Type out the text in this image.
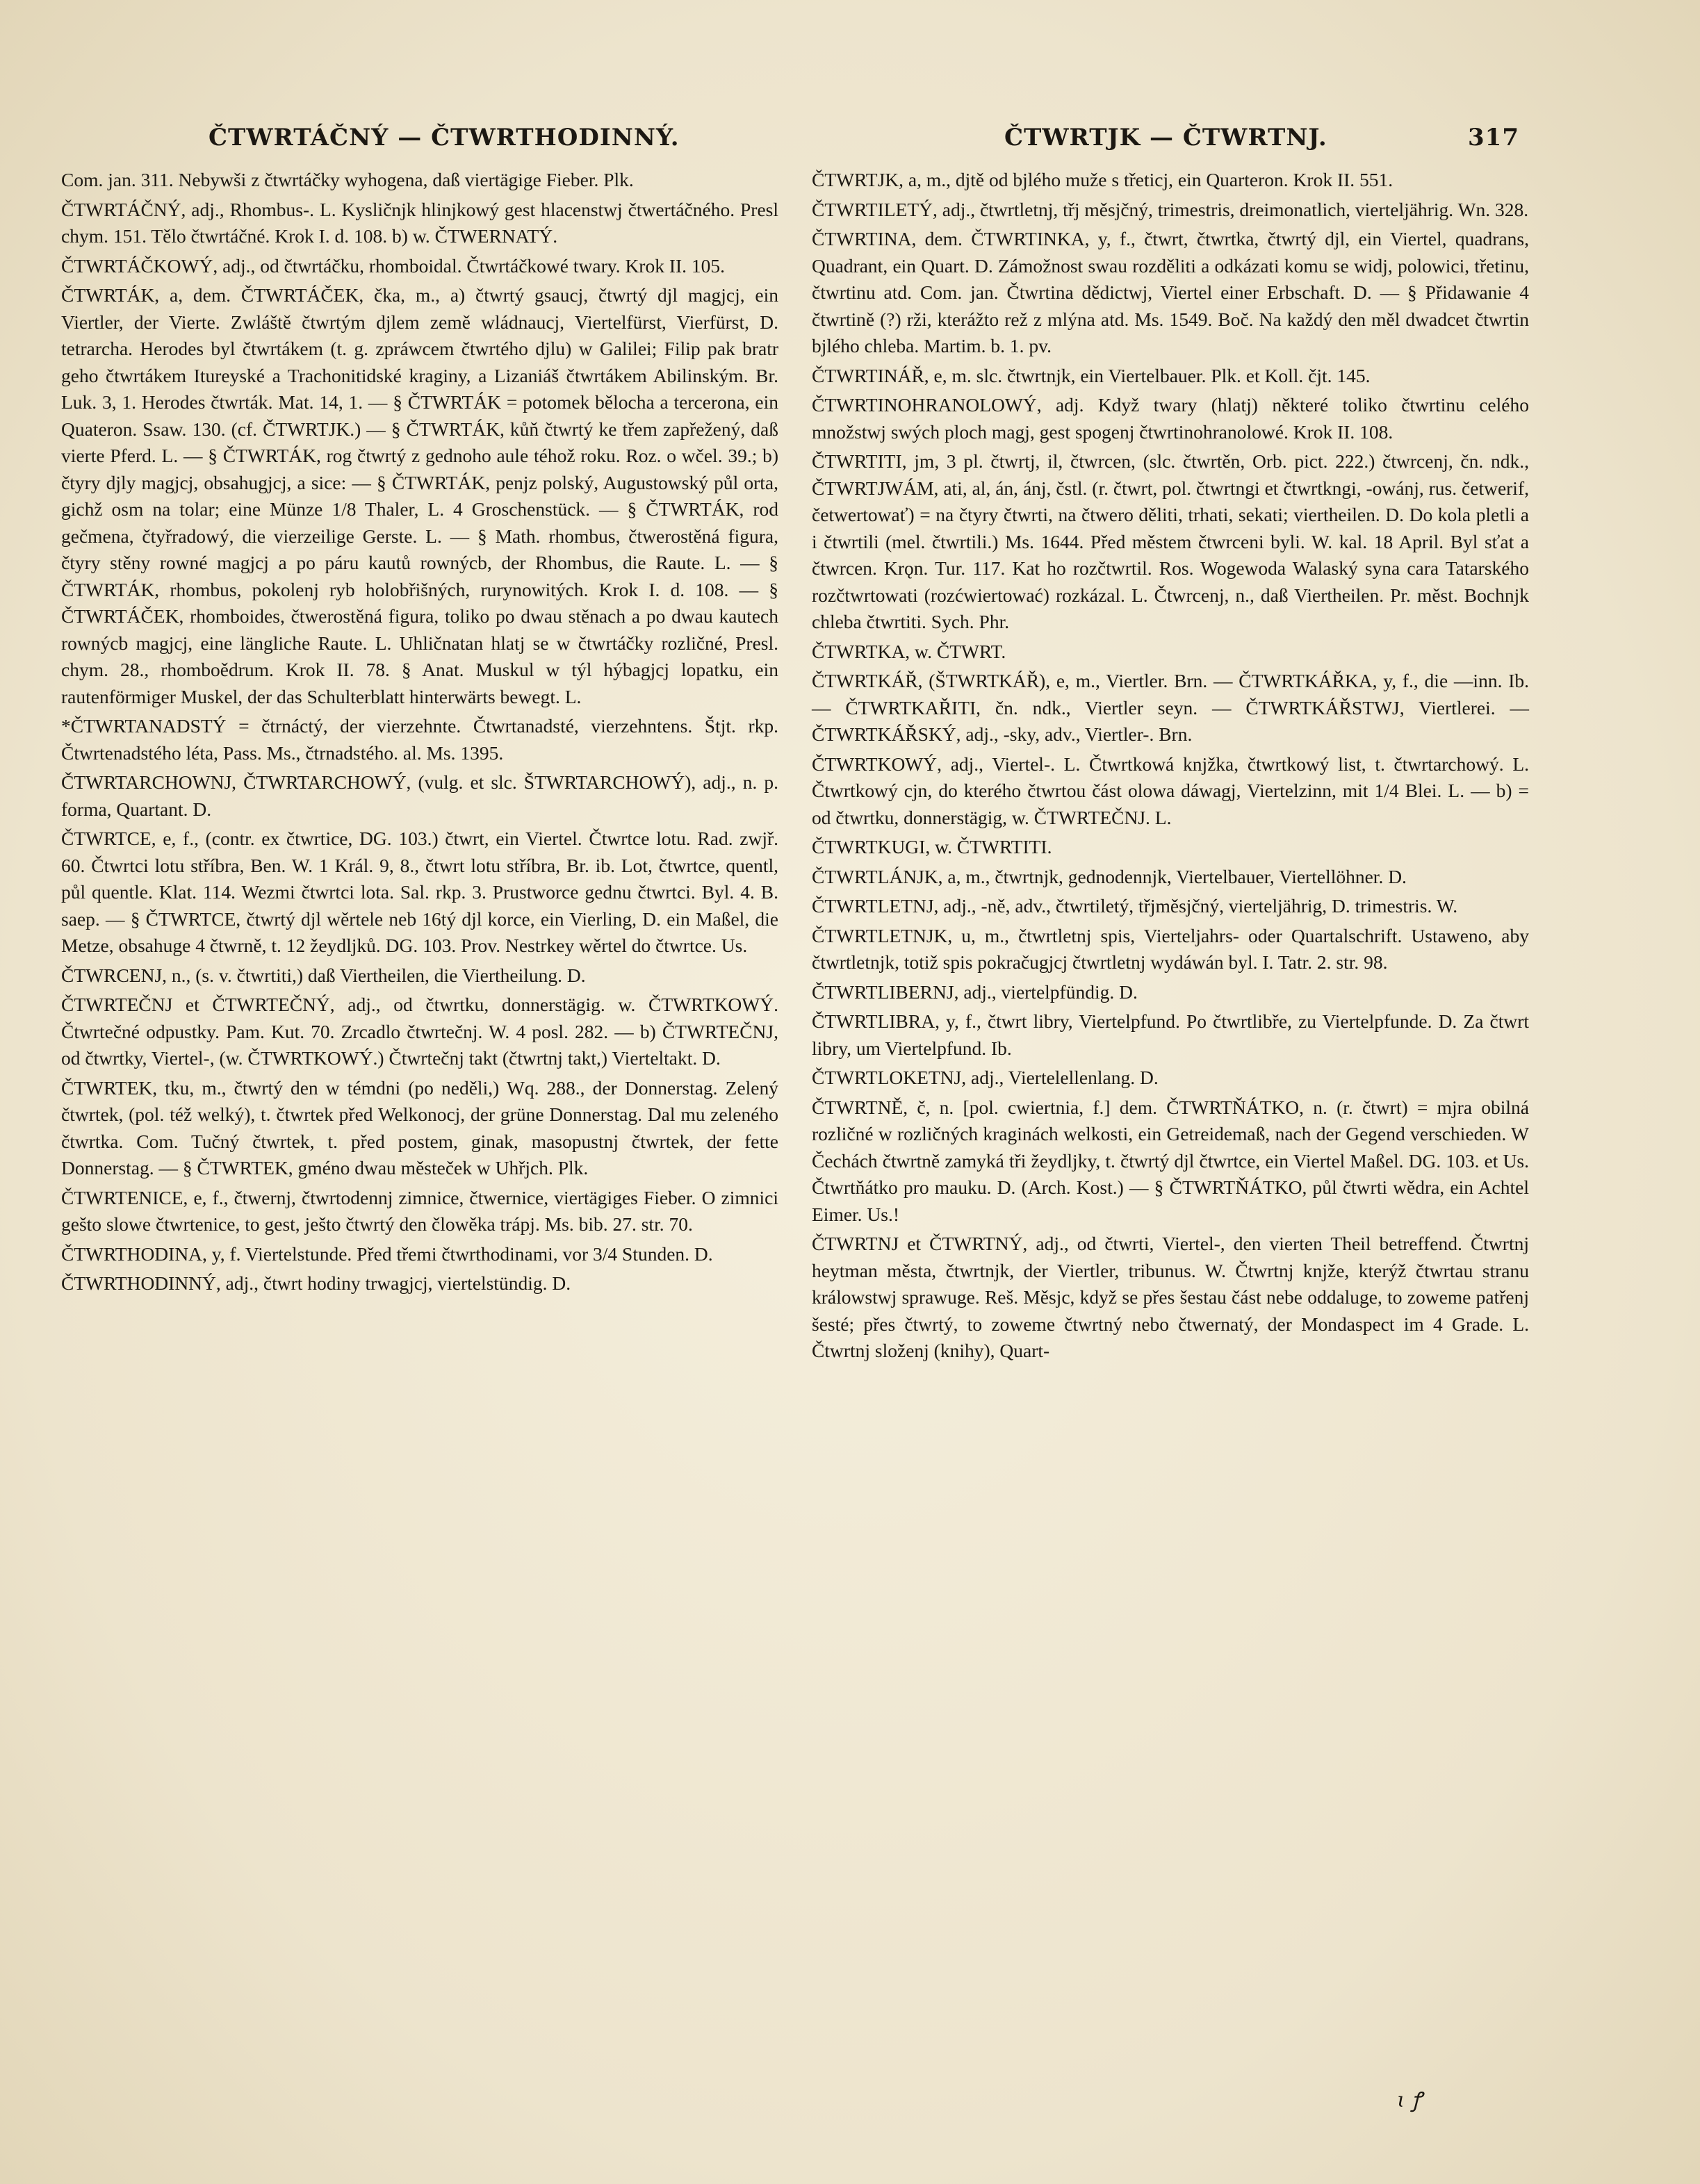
ČTWRTÁČNÝ — ČTWRTHODINNÝ.	ČTWRTJK — ČTWRTNJ.	317

Com. jan. 311. Nebywši z čtwrtáčky wyhogena, daß viertägige Fieber. Plk.

ČTWRTÁČNÝ, adj., Rhombus-. L. Kyslič​njk hlinjkowý gest hlacenstwj čtwertáčného. Presl chym. 151. Tělo čtwrtáčné. Krok I. d. 108. b) w. ČTWERNATÝ.

ČTWRTÁČKOWÝ, adj., od čtwrtáčku, rhomboidal. Čtwrtáčkowé twary. Krok II. 105.

ČTWRTÁK, a, dem. ČTWRTÁČEK, čka, m., a) čtwrtý gsaucj, čtwrtý djl magjcj, ein Viertler, der Vierte. Zwláště čtwrtým djlem země wládnaucj, Viertelfürst, Vierfürst, D. tetrarcha. Herodes byl čtwrtákem (t. g. zpráwcem čtwrtého djlu) w Galilei; Filip pak bratr geho čtwrtákem Itureyské a Trachonitidské kraginy, a Lizaniáš čtwrtákem Abilinským. Br. Luk. 3, 1. Herodes čtwrták. Mat. 14, 1. — § ČTWRTÁK = potomek bělocha a tercerona, ein Quateron. Ssaw. 130. (cf. ČTWRTJK.) — § ČTWRTÁK, kůň čtwrtý ke třem zapřežený, daß vierte Pferd. L. — § ČTWRTÁK, rog čtwrtý z gednoho aule téhož roku. Roz. o wčel. 39.; b) čtyry djly magjcj, obsahugjcj, a sice: — § ČTWRTÁK, penjz polský, Augustowský půl orta, gichž osm na tolar; eine Münze 1/8 Thaler, L. 4 Groschenstück. — § ČTWRTÁK, rod gečmena, čtyřradowý, die vierzeilige Gerste. L. — § Math. rhombus, čtwerostěná figura, čtyry stěny rowné magjcj a po páru kautů rownýcb, der Rhombus, die Raute. L. — § ČTWRTÁK, rhombus, pokolenj ryb holobřišných, rurynowitých. Krok I. d. 108. — § ČTWRTÁČEK, rhomboides, čtwerostěná figura, toliko po dwau stěnach a po dwau kautech rownýcb magjcj, eine längliche Raute. L. Uhličnatan hlatj se w čtwrtáčky rozličné, Presl. chym. 28., rhomboědrum. Krok II. 78. § Anat. Muskul w týl hýbagjcj lopatku, ein rautenförmiger Muskel, der das Schulterblatt hinterwärts bewegt. L.

*ČTWRTANADSTÝ = čtrnáctý, der vierzehnte. Čtwrtanadsté, vierzehntens. Štjt. rkp. Čtwrtenadstého léta, Pass. Ms., čtrnadstého. al. Ms. 1395.

ČTWRTARCHOWNJ, ČTWRTARCHOWÝ, (vulg. et slc. ŠTWRTARCHOWÝ), adj., n. p. forma, Quartant. D.

ČTWRTCE, e, f., (contr. ex čtwrtice, DG. 103.) čtwrt, ein Viertel. Čtwrtce lotu. Rad. zwjř. 60. Čtwrtci lotu stříbra, Ben. W. 1 Král. 9, 8., čtwrt lotu stříbra, Br. ib. Lot, čtwrtce, quentl, půl quentle. Klat. 114. Wezmi čtwrtci lota. Sal. rkp. 3. Prustworce gednu čtwrtci. Byl. 4. B. saep. — § ČTWRTCE, čtwrtý djl wěrtele neb 16tý djl korce, ein Vierling, D. ein Maßel, die Metze, obsahuge 4 čtwrně, t. 12 žeydljků. DG. 103. Prov. Nestrkey wěrtel do čtwrtce. Us.

ČTWRCENJ, n., (s. v. čtwrtiti,) daß Viertheilen, die Viertheilung. D.

ČTWRTEČNJ et ČTWRTEČNÝ, adj., od čtwrtku, donnerstägig. w. ČTWRTKOWÝ. Čtwrtečné odpustky. Pam. Kut. 70. Zrcadlo čtwrtečnj. W. 4 posl. 282. — b) ČTWRTEČNJ, od čtwrtky, Viertel-, (w. ČTWRTKOWÝ.) Čtwrtečnj takt (čtwrtnj takt,) Vierteltakt. D.

ČTWRTEK, tku, m., čtwrtý den w témdni (po neděli,) Wq. 288., der Donnerstag. Zelený čtwrtek, (pol. též welký), t. čtwrtek před Welkonocj, der grüne Donnerstag. Dal mu zeleného čtwrtka. Com. Tučný čtwrtek, t. před postem, ginak, masopustnj čtwrtek, der fette Donnerstag. — § ČTWRTEK, gméno dwau městeček w Uhřjch. Plk.

ČTWRTENICE, e, f., čtwernj, čtwrtodennj zimnice, čtwernice, viertägiges Fieber. O zimnici gešto slowe čtwrtenice, to gest, ješto čtwrtý den člowěka trápj. Ms. bib. 27. str. 70.

ČTWRTHODINA, y, f. Viertelstunde. Před třemi čtwrthodinami, vor 3/4 Stunden. D.

ČTWRTHODINNÝ, adj., čtwrt hodiny trwagjcj, viertelstündig. D.

ČTWRTJK, a, m., djtě od bjlého muže s třeticj, ein Quarteron. Krok II. 551.

ČTWRTILETÝ, adj., čtwrtletnj, třj měsjčný, trimestris, dreimonatlich, vierteljährig. Wn. 328.

ČTWRTINA, dem. ČTWRTINKA, y, f., čtwrt, čtwrtka, čtwrtý djl, ein Viertel, quadrans, Quadrant, ein Quart. D. Zámožnost swau rozděliti a odkázati komu se widj, polowici, třetinu, čtwrtinu atd. Com. jan. Čtwrtina dědictwj, Viertel einer Erbschaft. D. — § Přidawanie 4 čtwrtině (?) rži, kterážto rež z mlýna atd. Ms. 1549. Boč. Na každý den měl dwadcet čtwrtin bjlého chleba. Martim. b. 1. pv.

ČTWRTINÁŘ, e, m. slc. čtwrtnjk, ein Viertelbauer. Plk. et Koll. čjt. 145.

ČTWRTINOHRANOLOWÝ, adj. Když twary (hlatj) některé toliko čtwrtinu celého množstwj swých ploch magj, gest spogenj čtwrtinohranolowé. Krok II. 108.

ČTWRTITI, jm, 3 pl. čtwrtj, il, čtwrcen, (slc. čtwrtěn, Orb. pict. 222.) čtwrcenj, čn. ndk., ČTWRTJWÁM, ati, al, án, ánj, čstl. (r. čtwrt, pol. čtwrtngi et čtwrtkngi, -owánj, rus. četwerif, četwertowať) = na čtyry čtwrti, na čtwero děliti, trhati, sekati; viertheilen. D. Do kola pletli a i čtwrtili (mel. čtwrtili.) Ms. 1644. Před městem čtwrceni byli. W. kal. 18 April. Byl sťat a čtwrcen. Krǫn. Tur. 117. Kat ho rozčtwrtil. Ros. Wogewoda Walaský syna cara Tatarského rozčtwrtowati (rozćwiertować) rozkázal. L. Čtwrcenj, n., daß Viertheilen. Pr. měst. Bochnjk chleba čtwrtiti. Sych. Phr.

ČTWRTKA, w. ČTWRT.

ČTWRTKÁŘ, (ŠTWRTKÁŘ), e, m., Viertler. Brn. — ČTWRTKÁŘKA, y, f., die —inn. Ib. — ČTWRTKAŘITI, čn. ndk., Viertler seyn. — ČTWRTKÁŘSTWJ, Viertlerei. — ČTWRTKÁŘSKÝ, adj., -sky, adv., Viertler-. Brn.

ČTWRTKOWÝ, adj., Viertel-. L. Čtwrtkowá knjžka, čtwrtkowý list, t. čtwrtarchowý. L. Čtwrtkowý cjn, do kterého čtwrtou část olowa dáwagj, Viertelzinn, mit 1/4 Blei. L. — b) = od čtwrtku, donnerstägig, w. ČTWRTEČNJ. L.

ČTWRTKUGI, w. ČTWRTITI.

ČTWRTLÁNJK, a, m., čtwrtnjk, gednodennjk, Viertelbauer, Viertellöhner. D.

ČTWRTLETNJ, adj., -ně, adv., čtwrtiletý, třjměsjčný, vierteljährig, D. trimestris. W.

ČTWRTLETNJK, u, m., čtwrtletnj spis, Vierteljahrs- oder Quartalschrift. Ustaweno, aby čtwrtletnjk, totiž spis pokračugjcj čtwrtletnj wydáwán byl. I. Tatr. 2. str. 98.

ČTWRTLIBERNJ, adj., viertelpfündig. D.

ČTWRTLIBRA, y, f., čtwrt libry, Viertelpfund. Po čtwrtlibře, zu Viertelpfunde. D. Za čtwrt libry, um Viertelpfund. Ib.

ČTWRTLOKETNJ, adj., Viertelellenlang. D.

ČTWRTNĚ, č, n. [pol. cwiertnia, f.] dem. ČTWRTŇÁTKO, n. (r. čtwrt) = mjra obilná rozličné w rozličných kraginách welkosti, ein Getreidemaß, nach der Gegend verschieden. W Čechách čtwrtně zamyká tři žeydljky, t. čtwrtý djl čtwrtce, ein Viertel Maßel. DG. 103. et Us. Čtwrtňátko pro mauku. D. (Arch. Kost.) — § ČTWRTŇÁTKO, půl čtwrti wědra, ein Achtel Eimer. Us.!

ČTWRTNJ et ČTWRTNÝ, adj., od čtwrti, Viertel-, den vierten Theil betreffend. Čtwrtnj heytman města, čtwrtnjk, der Viertler, tribunus. W. Čtwrtnj knjže, kterýž čtwrtau stranu králowstwj sprawuge. Reš. Měsjc, když se přes šestau část nebe oddaluge, to zoweme patřenj šesté; přes čtwrtý, to zoweme čtwrtný nebo čtwernatý, der Mondaspect im 4 Grade. L. Čtwrtnj složenj (knihy), Quart-

ɩ ꝭ
